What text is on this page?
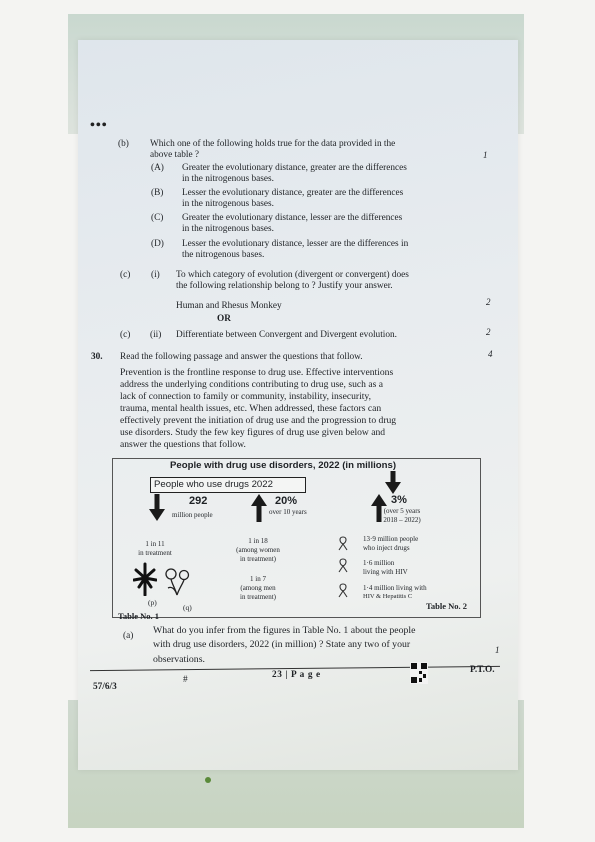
•••
(b) Which one of the following holds true for the data provided in the
above table ?	1
(A) Greater the evolutionary distance, greater are the differences
in the nitrogenous bases.
(B) Lesser the evolutionary distance, greater are the differences
in the nitrogenous bases.
(C) Greater the evolutionary distance, lesser are the differences
in the nitrogenous bases.
(D) Lesser the evolutionary distance, lesser are the differences in
the nitrogenous bases.
(c) (i) To which category of evolution (divergent or convergent) does
the following relationship belong to ? Justify your answer.
Human and Rhesus Monkey	2
OR
(c) (ii) Differentiate between Convergent and Divergent evolution.	2
30. Read the following passage and answer the questions that follow.	4
Prevention is the frontline response to drug use. Effective interventions
address the underlying conditions contributing to drug use, such as a
lack of connection to family or community, instability, insecurity,
trauma, mental health issues, etc. When addressed, these factors can
effectively prevent the initiation of drug use and the progression to drug
use disorders. Study the few key figures of drug use given below and
answer the questions that follow.
People with drug use disorders, 2022 (in millions)
People who use drugs 2022
292
million people
20%
over 10 years
3%
(over 5 years
2018 – 2022)
1 in 11
in treatment
1 in 18
(among women
in treatment)
1 in 7
(among men
in treatment)
13·9 million people
who inject drugs
1·6 million
living with HIV
1·4 million living with
HIV & Hepatitis C
(p)
(q)
Table No. 1
Table No. 2
(a) What do you infer from the figures in Table No. 1 about the people
with drug use disorders, 2022 (in million) ? State any two of your
observations.
1
57/6/3
#	23 | P a g e	P.T.O.
